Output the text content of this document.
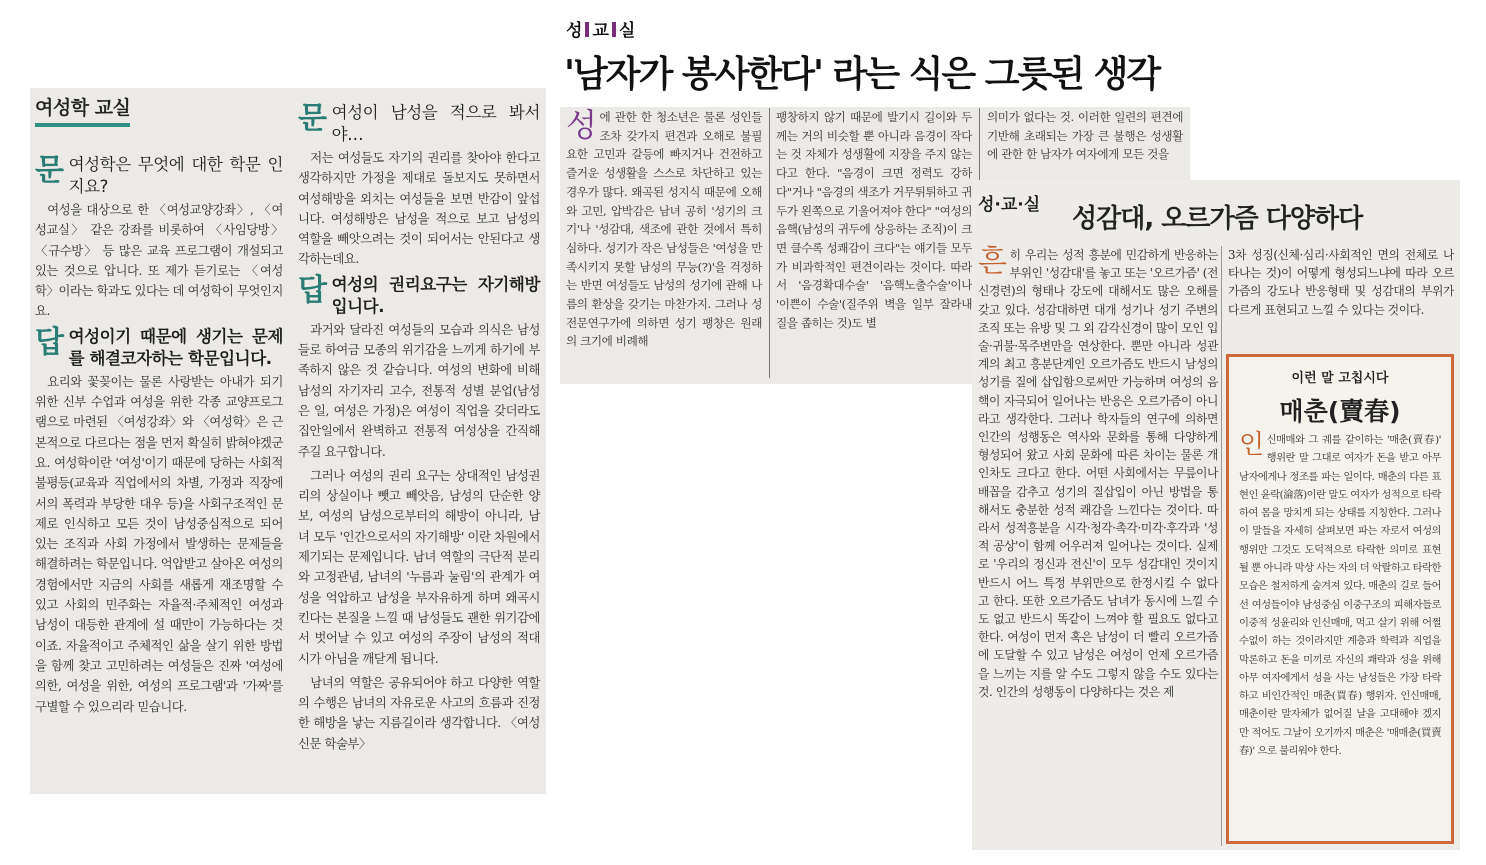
여성학 교실
문 여성학은 무엇에 대한 학문 인지요?
여성을 대상으로 한 〈여성교양강좌〉, 〈여성교실〉 같은 강좌를 비롯하여 〈사임당방〉 〈규수방〉 등 많은 교육 프로그램이 개설되고 있는 것으로 압니다. 또 제가 듣기로는 〈여성학〉이라는 학과도 있다는 데 여성학이 무엇인지요.
답 여성이기 때문에 생기는 문제를 해결코자하는 학문입니다.
요리와 꽃꽂이는 물론 사랑받는 아내가 되기 위한 신부 수업과 여성을 위한 각종 교양프로그램으로 마련된 〈여성강좌〉와 〈여성학〉은 근본적으로 다르다는 점을 먼저 확실히 밝혀야겠군요. 여성학이란 '여성'이기 때문에 당하는 사회적 불평등(교육과 직업에서의 차별, 가정과 직장에서의 폭력과 부당한 대우 등)을 사회구조적인 문제로 인식하고 모든 것이 남성중심적으로 되어 있는 조직과 사회 가정에서 발생하는 문제들을 해결하려는 학문입니다. 억압받고 살아온 여성의 경험에서만 지금의 사회를 새롭게 재조명할 수 있고 사회의 민주화는 자율적·주체적인 여성과 남성이 대등한 관계에 설 때만이 가능하다는 것이죠. 자율적이고 주체적인 삶을 살기 위한 방법을 함께 찾고 고민하려는 여성들은 진짜 '여성에 의한, 여성을 위한, 여성의 프로그램'과 '가짜'를 구별할 수 있으리라 믿습니다.
문 여성이 남성을 적으로 봐서야…
저는 여성들도 자기의 권리를 찾아야 한다고 생각하지만 가정을 제대로 돌보지도 못하면서 여성해방을 외치는 여성들을 보면 반감이 앞섭니다. 여성해방은 남성을 적으로 보고 남성의 역할을 빼앗으려는 것이 되어서는 안된다고 생각하는데요.
답 여성의 권리요구는 자기해방입니다.
과거와 달라진 여성들의 모습과 의식은 남성들로 하여금 모종의 위기감을 느끼게 하기에 부족하지 않은 것 같습니다. 여성의 변화에 비해 남성의 자기자리 고수, 전통적 성별 분업(남성은 일, 여성은 가정)은 여성이 직업을 갖더라도 집안일에서 완벽하고 전통적 여성상을 간직해 주길 요구합니다.
그러나 여성의 권리 요구는 상대적인 남성권리의 상실이나 뺏고 빼앗음, 남성의 단순한 양보, 여성의 남성으로부터의 해방이 아니라, 남녀 모두 '인간으로서의 자기해방' 이란 차원에서 제기되는 문제입니다. 남녀 역할의 극단적 분리와 고정관념, 남녀의 '누름과 눌림'의 관계가 여성을 억압하고 남성을 부자유하게 하며 왜곡시킨다는 본질을 느낄 때 남성들도 괜한 위기감에서 벗어날 수 있고 여성의 주장이 남성의 적대시가 아님을 깨닫게 됩니다.
남녀의 역할은 공유되어야 하고 다양한 역할의 수행은 남녀의 자유로운 사고의 흐름과 진정한 해방을 낳는 지름길이라 생각합니다. 〈여성신문 학술부〉
성 교 실
'남자가 봉사한다' 라는 식은 그릇된 생각
성에 관한 한 청소년은 물론 성인들조차 갖가지 편견과 오해로 불필요한 고민과 갈등에 빠지거나 건전하고 즐거운 성생활을 스스로 차단하고 있는 경우가 많다. 왜곡된 성지식 때문에 오해와 고민, 압박감은 남녀 공히 '성기의 크기'나 '성감대, 색조에 관한 것에서 특히 심하다. 성기가 작은 남성들은 '여성을 만족시키지 못할 남성의 무능(?)'을 걱정하는 반면 여성들도 남성의 성기에 관해 나름의 환상을 갖기는 마찬가지. 그러나 성 전문연구가에 의하면 성기 팽창은 원래의 크기에 비례해
팽창하지 않기 때문에 발기시 길이와 두께는 거의 비슷할 뿐 아니라 음경이 작다는 것 자체가 성생활에 지장을 주지 않는다고 한다. "음경이 크면 정력도 강하다"거나 "음경의 색조가 거무튀튀하고 귀두가 왼쪽으로 기울어져야 한다" "여성의 음핵(남성의 귀두에 상응하는 조직)이 크면 클수록 성쾌감이 크다"는 얘기들 모두가 비과학적인 편견이라는 것이다. 따라서 '음경확대수술' '음핵노출수술'이나 '이쁜이 수술'(질주위 벽을 일부 잘라내 질을 좁히는 것)도 별
의미가 없다는 것. 이러한 일련의 편견에 기반해 초래되는 가장 큰 불행은 성생활에 관한 한 남자가 여자에게 모든 것을
성·교·실 성감대, 오르가즘 다양하다
흔히 우리는 성적 흥분에 민감하게 반응하는 부위인 '성감대'를 놓고 또는 '오르가즘' (전신경련)의 형태나 강도에 대해서도 많은 오해를 갖고 있다. 성감대하면 대개 성기나 성기 주변의 조직 또는 유방 및 그 외 감각신경이 많이 모인 입술·귀불·목주변만을 연상한다. 뿐만 아니라 성관계의 최고 흥분단계인 오르가즘도 반드시 남성의 성기를 질에 삽입함으로써만 가능하며 여성의 음핵이 자극되어 일어나는 반응은 오르가즘이 아니라고 생각한다. 그러나 학자들의 연구에 의하면 인간의 성행동은 역사와 문화를 통해 다양하게 형성되어 왔고 사회 문화에 따른 차이는 물론 개인차도 크다고 한다. 어떤 사회에서는 무릎이나 배꼽을 감추고 성기의 질삽입이 아닌 방법을 통해서도 충분한 성적 쾌감을 느낀다는 것이다. 따라서 성적흥분을 시각·청각·촉각·미각·후각과 '성적 공상'이 함께 어우러져 일어나는 것이다. 실제로 '우리의 정신과 전신'이 모두 성감대인 것이지 반드시 어느 특정 부위만으로 한정시킬 수 없다고 한다. 또한 오르가즘도 남녀가 동시에 느낄 수도 없고 반드시 똑같이 느껴야 할 필요도 없다고 한다. 여성이 먼저 혹은 남성이 더 빨리 오르가즘에 도달할 수 있고 남성은 여성이 언제 오르가즘을 느끼는 지를 알 수도 그렇지 않을 수도 있다는 것. 인간의 성행동이 다양하다는 것은 제
3차 성징(신체·심리·사회적인 면의 전체로 나타나는 것)이 어떻게 형성되느냐에 따라 오르가즘의 강도나 반응형태 및 성감대의 부위가 다르게 표현되고 느낄 수 있다는 것이다.
이런 말 고칩시다
매춘(賣春)
인신매매와 그 궤를 같이하는 '매춘(賣春)' 행위란 말 그대로 여자가 돈을 받고 아무 남자에게나 정조를 파는 일이다. 매춘의 다른 표현인 윤락(淪落)이란 말도 여자가 성적으로 타락하여 몸을 망치게 되는 상태를 지칭한다. 그러나 이 말들을 자세히 살펴보면 파는 자로서 여성의 행위만 그것도 도덕적으로 타락한 의미로 표현될 뿐 아니라 막상 사는 자의 더 악랄하고 타락한 모습은 철저하게 숨겨져 있다. 매춘의 길로 들어선 여성들이야 남성중심 이중구조의 피해자들로 이중적 성윤리와 인신매매, 먹고 살기 위해 어쩔 수없이 하는 것이라지만 계층과 학력과 직업을 막론하고 돈을 미끼로 자신의 쾌락과 성을 위해 아무 여자에게서 성을 사는 남성들은 가장 타락하고 비인간적인 매춘(買春) 행위자. 인신매매, 매춘이란 말자체가 없어질 날을 고대해야 겠지만 적어도 그날이 오기까지 매춘은 '매매춘(買賣春)' 으로 불리워야 한다.
